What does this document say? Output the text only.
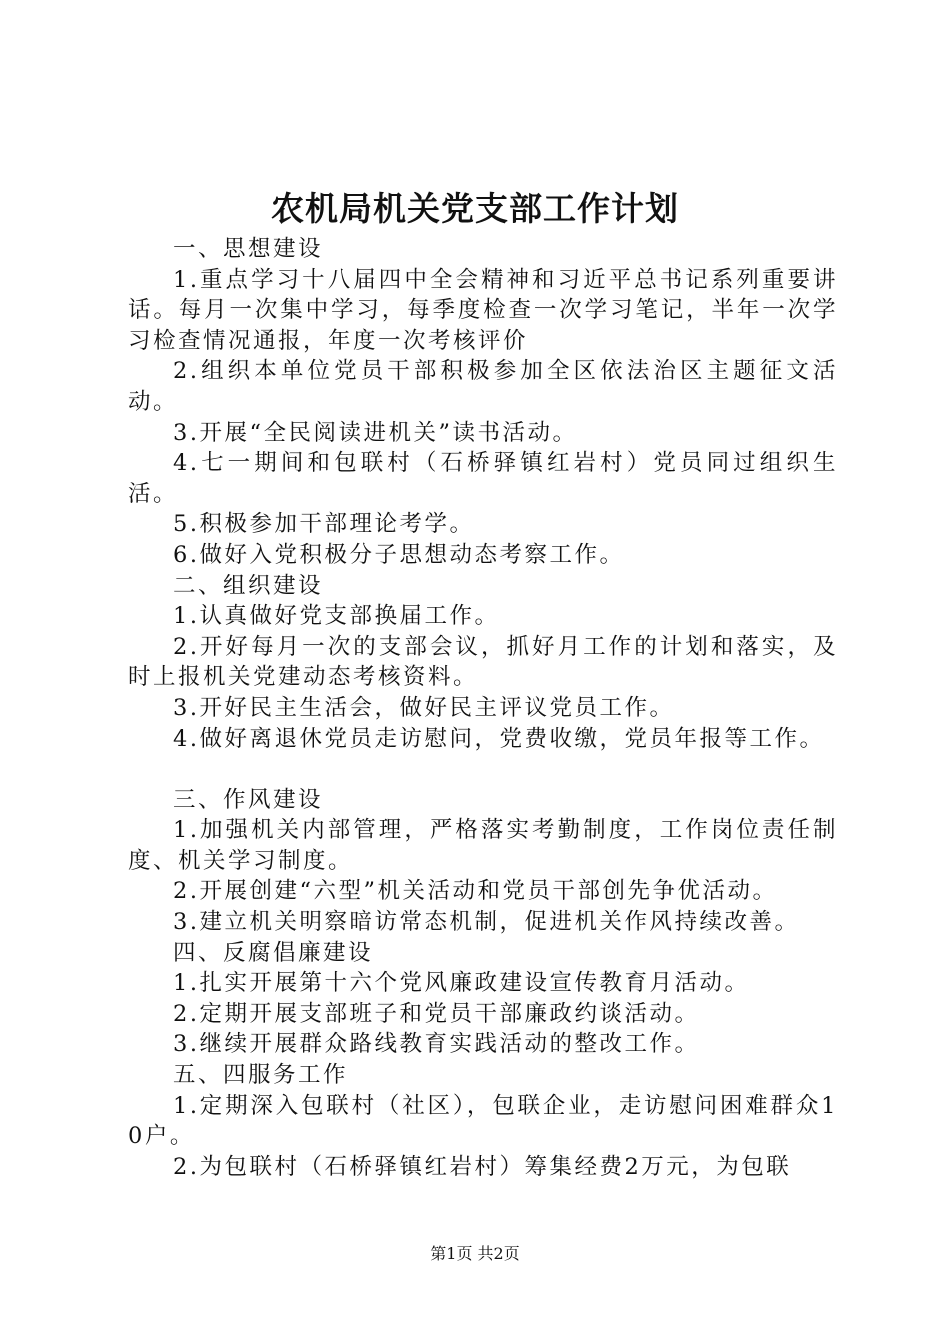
农机局机关党支部工作计划

一、思想建设

1.重点学习十八届四中全会精神和习近平总书记系列重要讲话。每月一次集中学习，每季度检查一次学习笔记，半年一次学习检查情况通报，年度一次考核评价

2.组织本单位党员干部积极参加全区依法治区主题征文活动。

3.开展“全民阅读进机关”读书活动。

4.七一期间和包联村（石桥驿镇红岩村）党员同过组织生活。

5.积极参加干部理论考学。

6.做好入党积极分子思想动态考察工作。

二、组织建设

1.认真做好党支部换届工作。

2.开好每月一次的支部会议，抓好月工作的计划和落实，及时上报机关党建动态考核资料。

3.开好民主生活会，做好民主评议党员工作。

4.做好离退休党员走访慰问，党费收缴，党员年报等工作。

三、作风建设

1.加强机关内部管理，严格落实考勤制度，工作岗位责任制度、机关学习制度。

2.开展创建“六型”机关活动和党员干部创先争优活动。

3.建立机关明察暗访常态机制，促进机关作风持续改善。

四、反腐倡廉建设

1.扎实开展第十六个党风廉政建设宣传教育月活动。

2.定期开展支部班子和党员干部廉政约谈活动。

3.继续开展群众路线教育实践活动的整改工作。

五、四服务工作

1.定期深入包联村（社区），包联企业，走访慰问困难群众10户。

2.为包联村（石桥驿镇红岩村）筹集经费2万元，为包联

第1页 共2页
